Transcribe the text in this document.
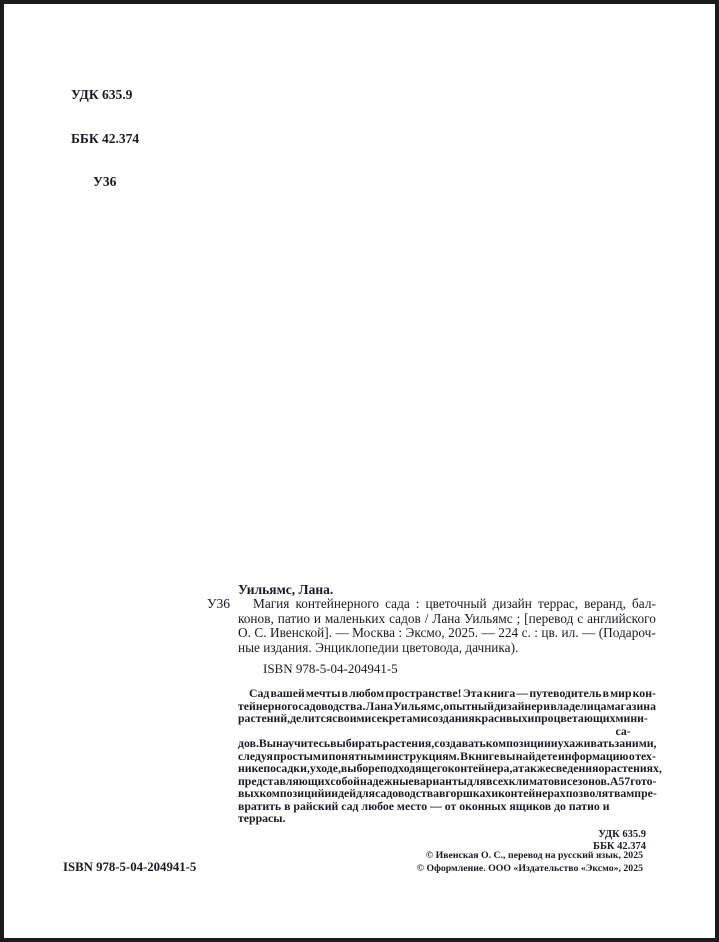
УДК 635.9

ББК 42.374

У36

Уильямс, Лана.
У36 Магия контейнерного сада : цветочный дизайн террас, веранд, бал-
конов, патио и маленьких садов / Лана Уильямс ; [перевод с английского
О. С. Ивенской]. — Москва : Эксмо, 2025. — 224 с. : цв. ил. — (Подароч-
ные издания. Энциклопедии цветовода, дачника).
ISBN 978-5-04-204941-5
Сад вашей мечты в любом пространстве! Эта книга — путеводитель в мир кон-
тейнерного садоводства. Лана Уильямс, опытный дизайнер и владелица магазина
растений, делится своими секретами создания красивых и процветающих мини-са-
дов. Вы научитесь выбирать растения, создавать композиции и ухаживать за ними,
следуя простым и понятным инструкциям. В книге вы найдете информацию о тех-
нике посадки, уходе, выборе подходящего контейнера, а также сведения о растениях,
представляющих собой надежные варианты для всех климатов и сезонов. А 57 гото-
вых композиций и идей для садоводства в горшках и контейнерах позволят вам пре-
вратить в райский сад любое место — от оконных ящиков до патио и террасы.
УДК 635.9
ББК 42.374
ISBN 978-5-04-204941-5
© Ивенская О. С., перевод на русский язык, 2025
© Оформление. ООО «Издательство «Эксмо», 2025
